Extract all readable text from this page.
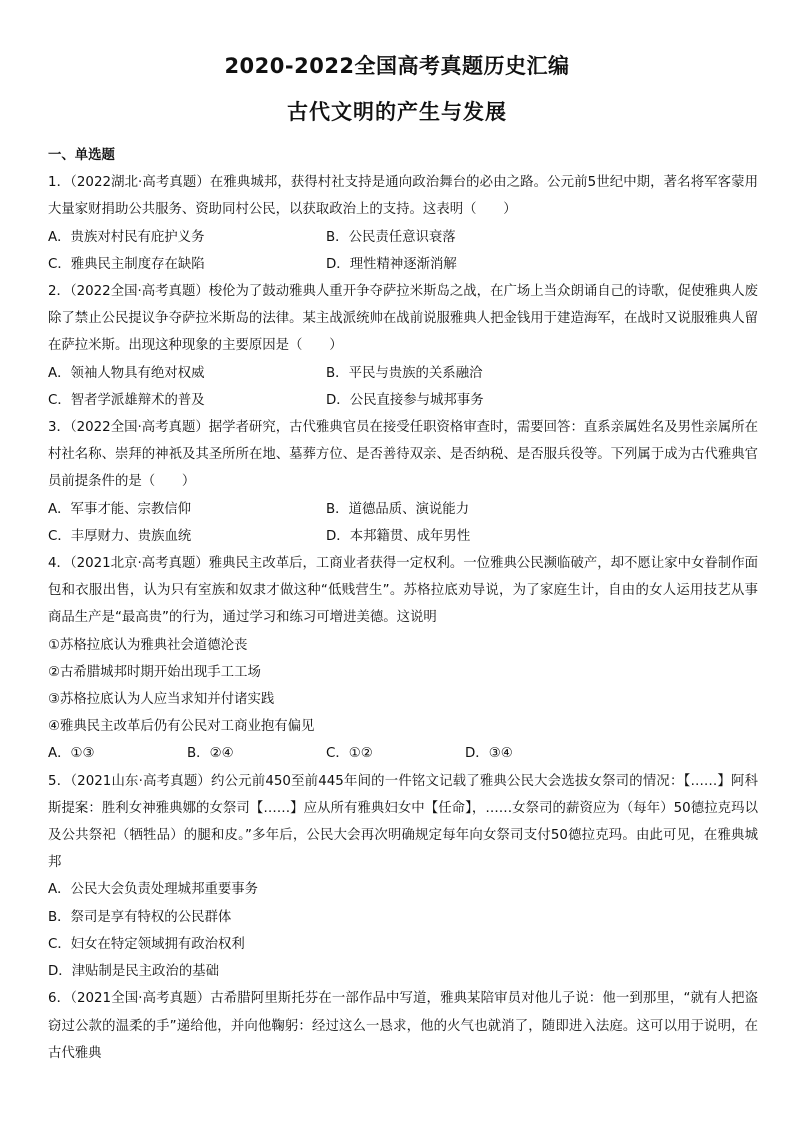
2020-2022全国高考真题历史汇编
古代文明的产生与发展

一、单选题

1．（2022湖北·高考真题）在雅典城邦，获得村社支持是通向政治舞台的必由之路。公元前5世纪中期，著名将军客蒙用大量家财捐助公共服务、资助同村公民，以获取政治上的支持。这表明（　　）

A．贵族对村民有庇护义务	B．公民责任意识衰落
C．雅典民主制度存在缺陷	D．理性精神逐渐消解

2．（2022全国·高考真题）梭伦为了鼓动雅典人重开争夺萨拉米斯岛之战，在广场上当众朗诵自己的诗歌，促使雅典人废除了禁止公民提议争夺萨拉米斯岛的法律。某主战派统帅在战前说服雅典人把金钱用于建造海军，在战时又说服雅典人留在萨拉米斯。出现这种现象的主要原因是（　　）

A．领袖人物具有绝对权威	B．平民与贵族的关系融洽
C．智者学派雄辩术的普及	D．公民直接参与城邦事务

3．（2022全国·高考真题）据学者研究，古代雅典官员在接受任职资格审查时，需要回答：直系亲属姓名及男性亲属所在村社名称、崇拜的神祇及其圣所所在地、墓葬方位、是否善待双亲、是否纳税、是否服兵役等。下列属于成为古代雅典官员前提条件的是（　　）

A．军事才能、宗教信仰	B．道德品质、演说能力
C．丰厚财力、贵族血统	D．本邦籍贯、成年男性

4．（2021北京·高考真题）雅典民主改革后，工商业者获得一定权利。一位雅典公民濒临破产，却不愿让家中女眷制作面包和衣服出售，认为只有室族和奴隶才做这种“低贱营生”。苏格拉底劝导说，为了家庭生计，自由的女人运用技艺从事商品生产是“最高贵”的行为，通过学习和练习可增进美德。这说明

①苏格拉底认为雅典社会道德沦丧

②古希腊城邦时期开始出现手工工场

③苏格拉底认为人应当求知并付诸实践

④雅典民主改革后仍有公民对工商业抱有偏见

A．①③	B．②④	C．①②	D．③④

5．（2021山东·高考真题）约公元前450至前445年间的一件铭文记载了雅典公民大会选拔女祭司的情况：【……】阿科斯提案：胜利女神雅典娜的女祭司【……】应从所有雅典妇女中【任命】，……女祭司的薪资应为（每年）50德拉克玛以及公共祭祀（牺牲品）的腿和皮。”多年后，公民大会再次明确规定每年向女祭司支付50德拉克玛。由此可见，在雅典城邦

A．公民大会负责处理城邦重要事务

B．祭司是享有特权的公民群体

C．妇女在特定领域拥有政治权利

D．津贴制是民主政治的基础

6．（2021全国·高考真题）古希腊阿里斯托芬在一部作品中写道，雅典某陪审员对他儿子说：他一到那里，“就有人把盗窃过公款的温柔的手”递给他，并向他鞠躬：经过这么一恳求，他的火气也就消了，随即进入法庭。这可以用于说明，在古代雅典
